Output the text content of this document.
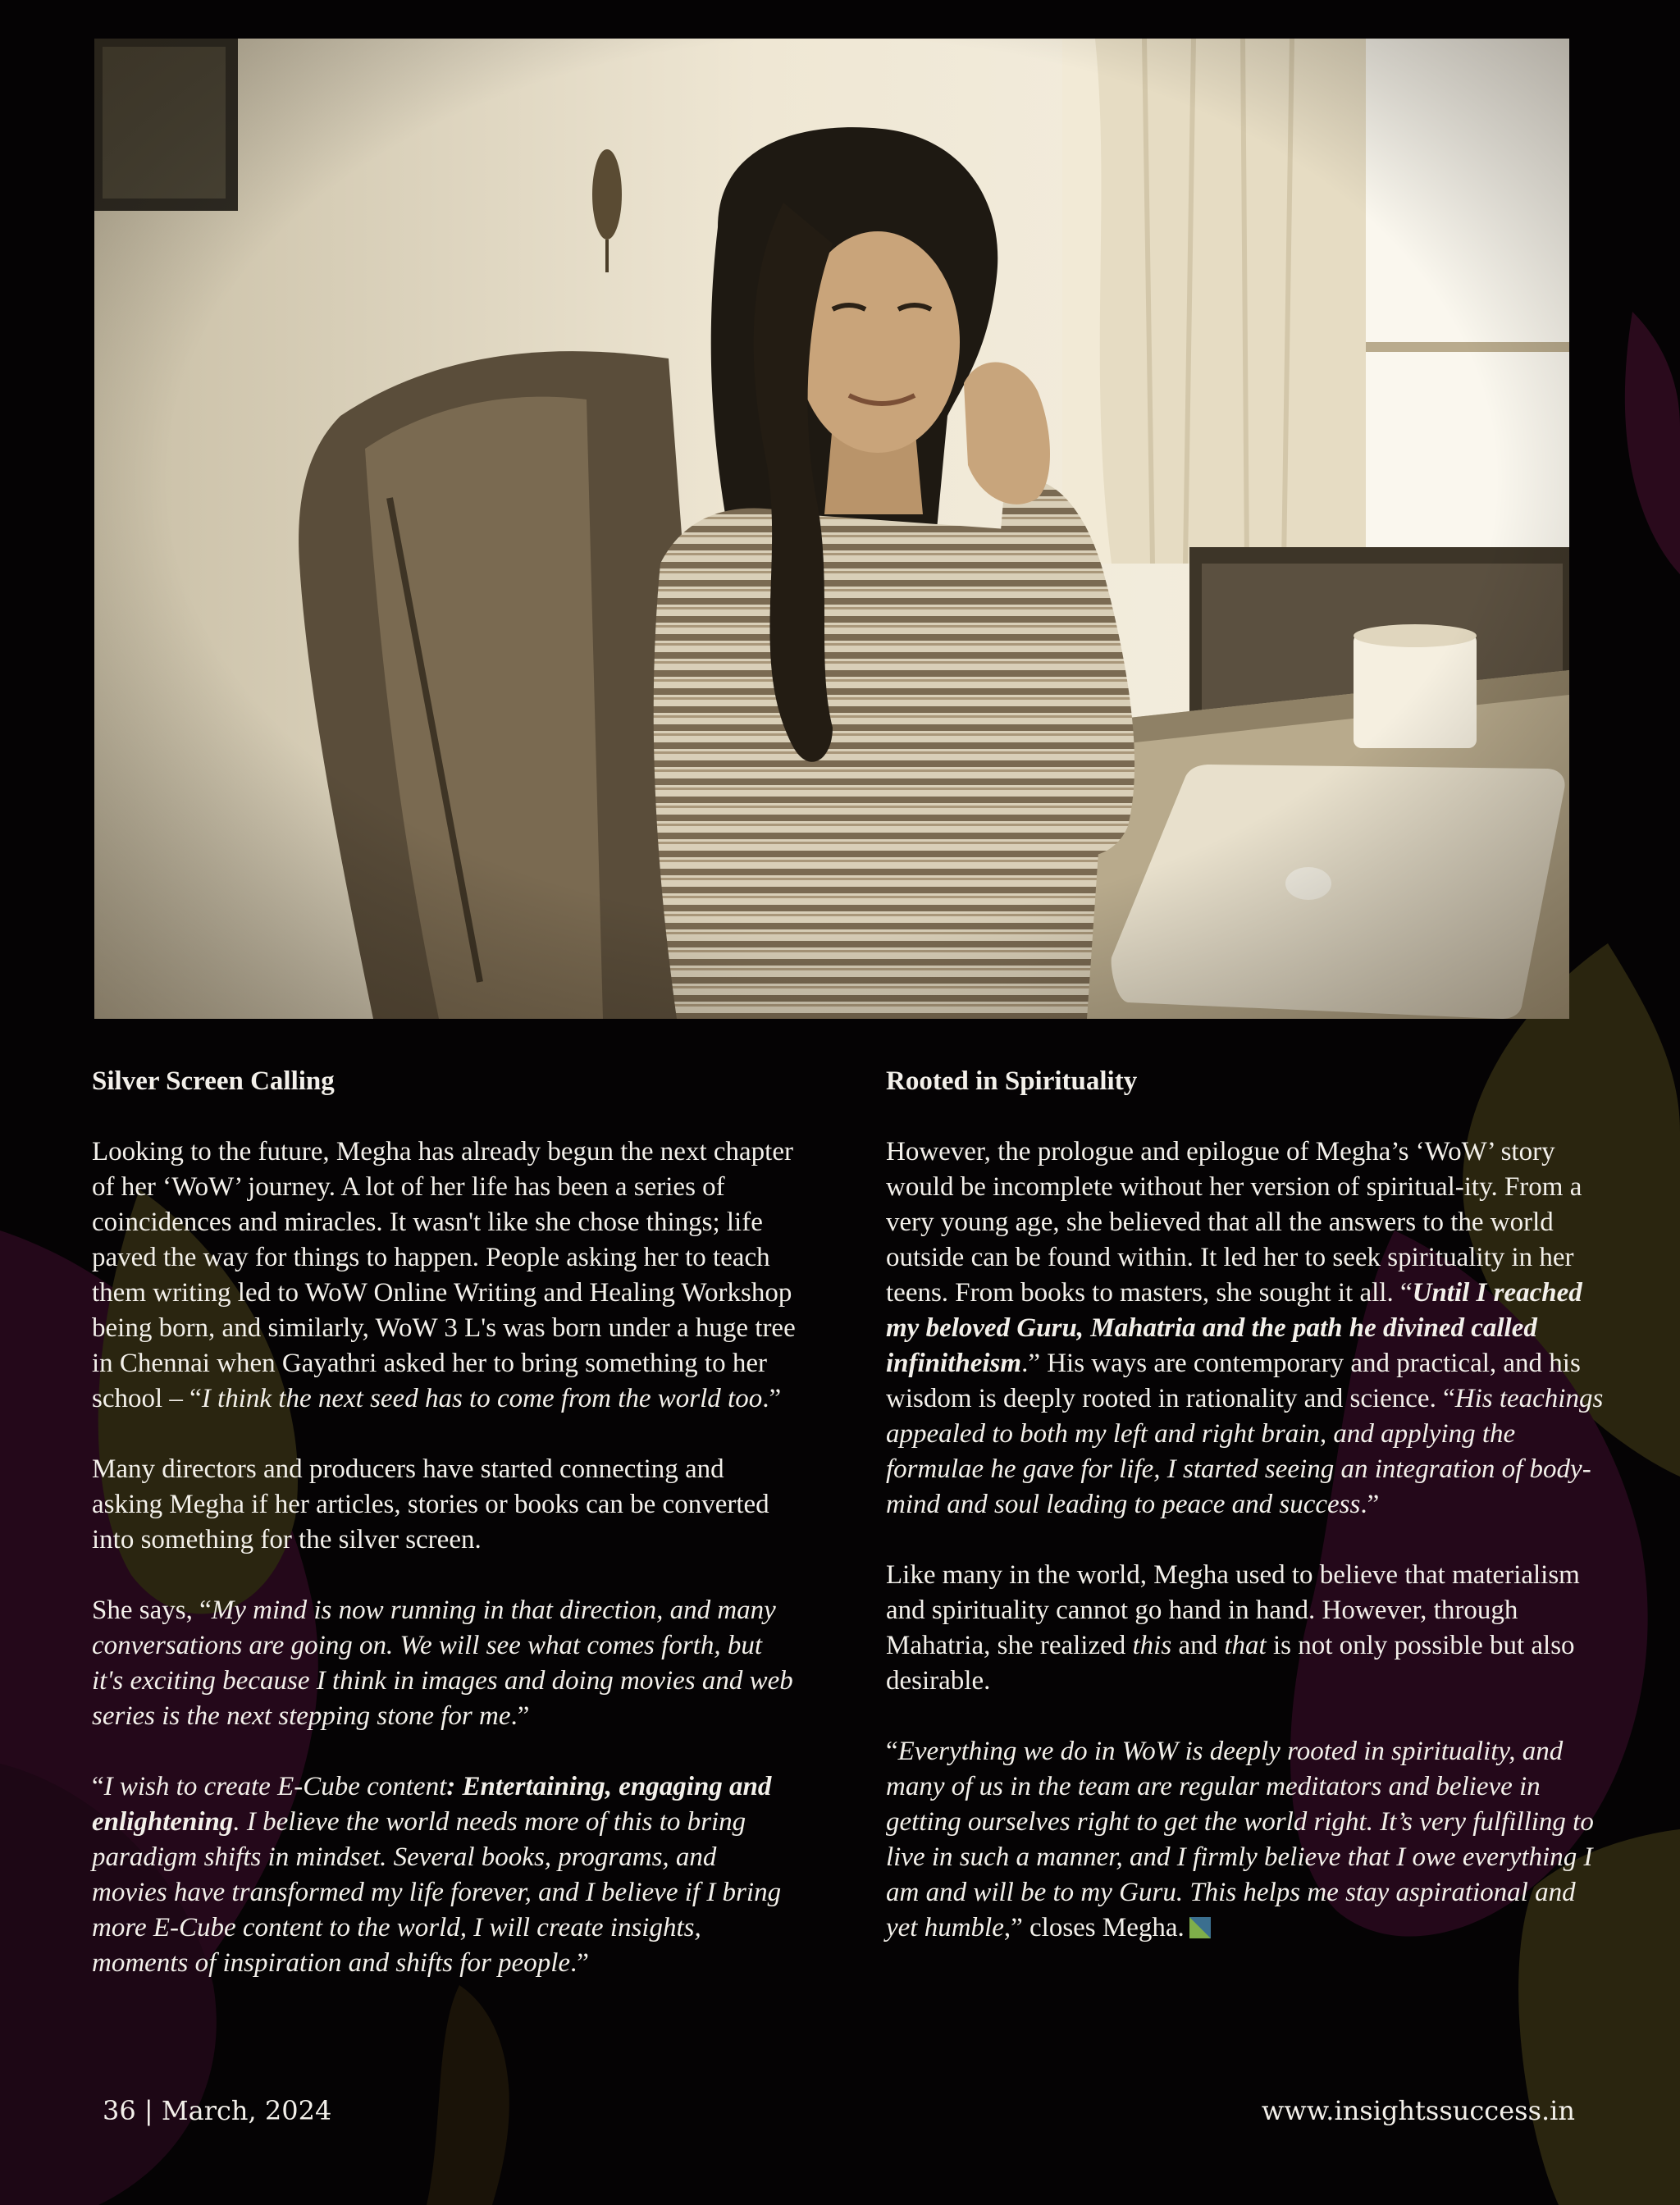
Silver Screen Calling

Looking to the future, Megha has already begun the next chapter of her ‘WoW’ journey. A lot of her life has been a series of coincidences and miracles. It wasn't like she chose things; life paved the way for things to happen. People asking her to teach them writing led to WoW Online Writing and Healing Workshop being born, and similarly, WoW 3 L's was born under a huge tree in Chennai when Gayathri asked her to bring something to her school – “I think the next seed has to come from the world too.”

Many directors and producers have started connecting and asking Megha if her articles, stories or books can be converted into something for the silver screen.

She says, “My mind is now running in that direction, and many conversations are going on. We will see what comes forth, but it's exciting because I think in images and doing movies and web series is the next stepping stone for me.”

“I wish to create E-Cube content: Entertaining, engaging and enlightening. I believe the world needs more of this to bring paradigm shifts in mindset. Several books, programs, and movies have transformed my life forever, and I believe if I bring more E-Cube content to the world, I will create insights, moments of inspiration and shifts for people.”

Rooted in Spirituality

However, the prologue and epilogue of Megha’s ‘WoW’ story would be incomplete without her version of spiritual-ity. From a very young age, she believed that all the answers to the world outside can be found within. It led her to seek spirituality in her teens. From books to masters, she sought it all. “Until I reached my beloved Guru, Mahatria and the path he divined called infinitheism.” His ways are contemporary and practical, and his wisdom is deeply rooted in rationality and science. “His teachings appealed to both my left and right brain, and applying the formulae he gave for life, I started seeing an integration of body-mind and soul leading to peace and success.”

Like many in the world, Megha used to believe that materialism and spirituality cannot go hand in hand. However, through Mahatria, she realized this and that is not only possible but also desirable.

“Everything we do in WoW is deeply rooted in spirituality, and many of us in the team are regular meditators and believe in getting ourselves right to get the world right. It’s very fulfilling to live in such a manner, and I firmly believe that I owe everything I am and will be to my Guru. This helps me stay aspirational and yet humble,” closes Megha.

36 | March, 2024	www.insightssuccess.in
